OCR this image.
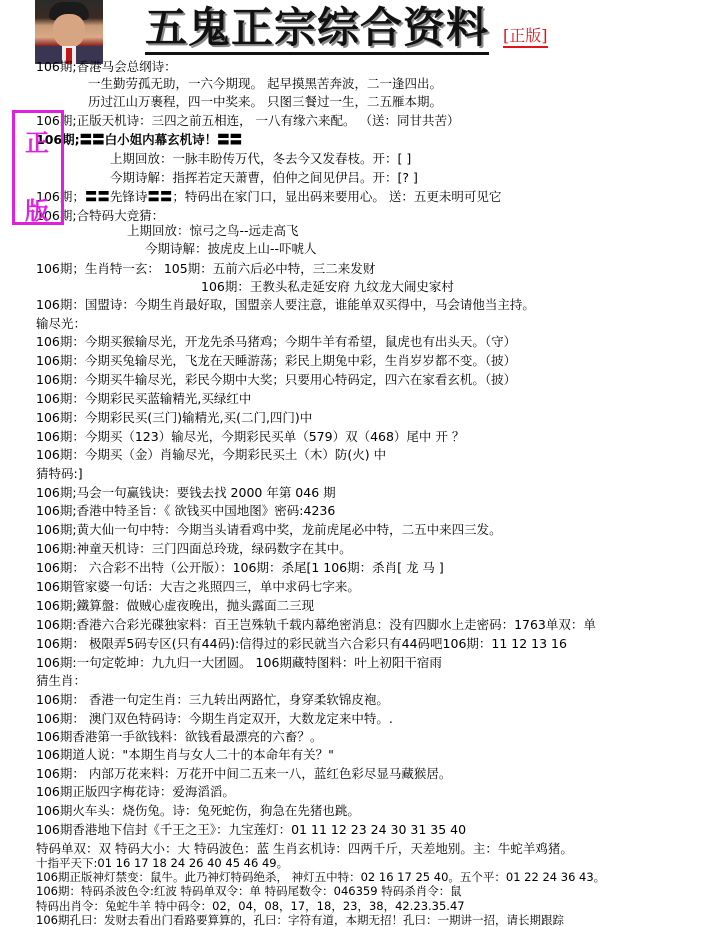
五鬼正宗综合资料 [正版]
正
版
106期;香港马会总纲诗：
一生勤劳孤无助，一六今期现。 起早摸黑苦奔波，二一逢四出。
历过江山万裹程，四一中奖来。 只图三餐过一生，二五雁本期。
106期;正版天机诗：三四之前五相连， 一八有缘六来配。 （送：同甘共苦）
106期;〓〓白小姐内幕玄机诗！〓〓
上期回放：一脉丰盼传万代，冬去今又发春枝。开：[ ]
今期诗解：指挥若定天萧曹，伯仲之间见伊吕。开：[? ]
106期；〓〓先锋诗〓〓；特码出在家门口，显出码来要用心。 送：五更未明可见它
106期;合特码大竞猜：
上期回放：惊弓之鸟--远走高飞
今期诗解：披虎皮上山--吓唬人
106期；生肖特一玄： 105期：五前六后必中特，三二来发财
106期：王教头私走延安府 九纹龙大闹史家村
106期：国盟诗：今期生肖最好取，国盟亲人要注意，谁能单双买得中，马会请他当主持。
输尽光：
106期：今期买猴输尽光，开龙先杀马猪鸡；今期牛羊有希望，鼠虎也有出头天。（守）
106期：今期买兔输尽光，飞龙在天睡游荡；彩民上期兔中彩，生肖岁岁都不变。（披）
106期：今期买牛输尽光，彩民今期中大奖；只要用心特码定，四六在家看玄机。（披）
106期：今期彩民买蓝输精光,买绿红中
106期：今期彩民买(三门)输精光,买(二门,四门)中
106期：今期买（123）输尽光，今期彩民买单（579）双（468）尾中 开 ？
106期：今期买（金）肖输尽光，今期彩民买土（木）防(火) 中
猜特码:]
106期;马会一句赢钱诀：要钱去找 2000 年第 046 期
106期;香港中特圣旨：《 欲钱买中国地图》密码:4236
106期;黄大仙一句中特：今期当头请看鸡中奖，龙前虎尾必中特，二五中来四三发。
106期:神童天机诗：三门四面总玲珑，绿码数字在其中。
106期： 六合彩不出特（公开版）：106期：杀尾[1 106期：杀肖[ 龙 马 ]
106期管家婆一句话：大吉之兆照四三，单中求码七字来。
106期;鐵算盤：做贼心虚夜晚出，抛头露面二三现
106期:香港六合彩光碟独家料：百王岂殊轨千载内幕绝密消息：没有四脚水上走密码：1763单双：单
106期： 极限弄5码专区(只有44码):信得过的彩民就当六合彩只有44码吧106期：11 12 13 16
106期:一句定乾坤：九九归一大团圆。 106期藏特图料：叶上初阳干宿雨
猜生肖：
106期： 香港一句定生肖：三九转出两路忙，身穿柔软锦皮袍。
106期： 澳门双色特码诗：今期生肖定双开，大数龙定来中特。.
106期香港第一手欲钱料：欲钱看最漂亮的六畜？。
106期道人说："本期生肖与女人二十的本命年有关？"
106期： 内部万花来料：万花开中间二五来一八，蓝红色彩尽显马藏猴居。
106期正版四字梅花诗：爱海滔滔。
106期火车头：烧伤兔。诗：兔死蛇伤，狗急在先猪也跳。
106期香港地下信封《千王之王》：九宝莲灯：01 11 12 23 24 30 31 35 40
特码单双：双 特码大小：大 特码波色：蓝 生肖玄机诗：四两千斤，天差地别。主：牛蛇羊鸡猪。
十指平天下:01 16 17 18 24 26 40 45 46 49。
106期正版神灯禁变：鼠牛。此乃神灯特码绝杀， 神灯五中特：02 16 17 25 40。五个平：01 22 24 36 43。
106期：特码杀波色令:红波 特码单双令：单 特码尾数令：046359 特码杀肖令：鼠
特码出肖令：兔蛇牛羊 特中码令：02，04，08，17，18，23，38，42.23.35.47
106期孔曰：发财去看出门看路要算算的，孔曰：字符有道，本期无招！孔曰：一期讲一招，请长期跟踪
